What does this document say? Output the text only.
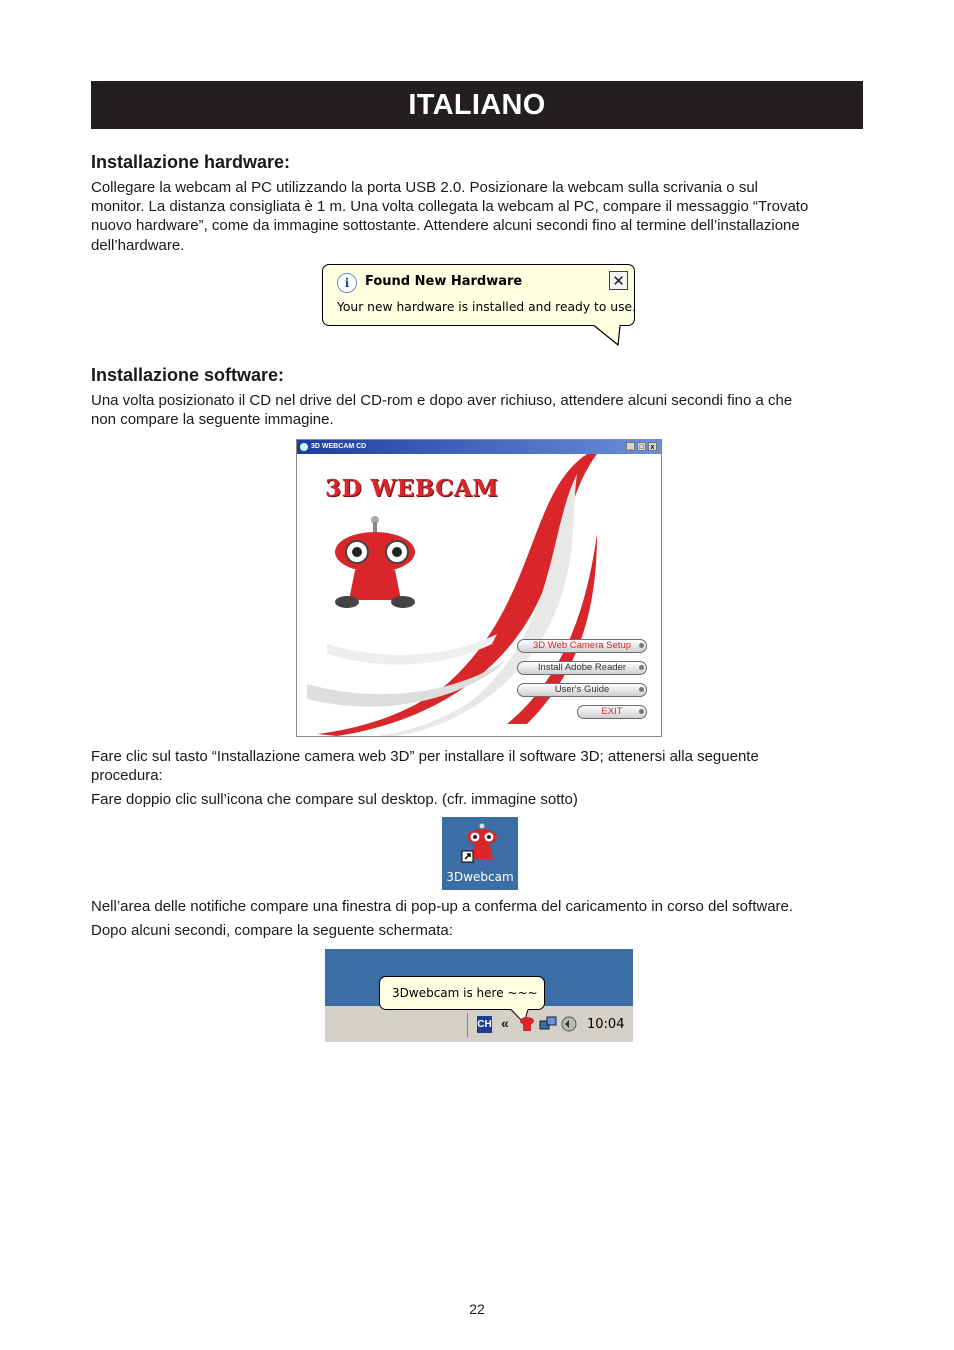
ITALIANO
Installazione hardware:
Collegare la webcam al PC utilizzando la porta USB 2.0. Posizionare la webcam sulla scrivania o sul
monitor. La distanza consigliata è 1 m. Una volta collegata la webcam al PC, compare il messaggio “Trovato
nuovo hardware”, come da immagine sottostante. Attendere alcuni secondi fino al termine dell’installazione
dell’hardware.
i	Found New Hardware	✕
Your new hardware is installed and ready to use.
Installazione software:
Una volta posizionato il CD nel drive del CD-rom e dopo aver richiuso, attendere alcuni secondi fino a che
non compare la seguente immagine.
3D WEBCAM CD	_ □ x
3D WEBCAM
3D Web Camera Setup
Install Adobe Reader
User's Guide
EXIT
Fare clic sul tasto “Installazione camera web 3D” per installare il software 3D; attenersi alla seguente
procedura:
Fare doppio clic sull’icona che compare sul desktop. (cfr. immagine sotto)
3Dwebcam
Nell’area delle notifiche compare una finestra di pop-up a conferma del caricamento in corso del software.
Dopo alcuni secondi, compare la seguente schermata:
3Dwebcam is here ~~~
CH «	10:04
22
